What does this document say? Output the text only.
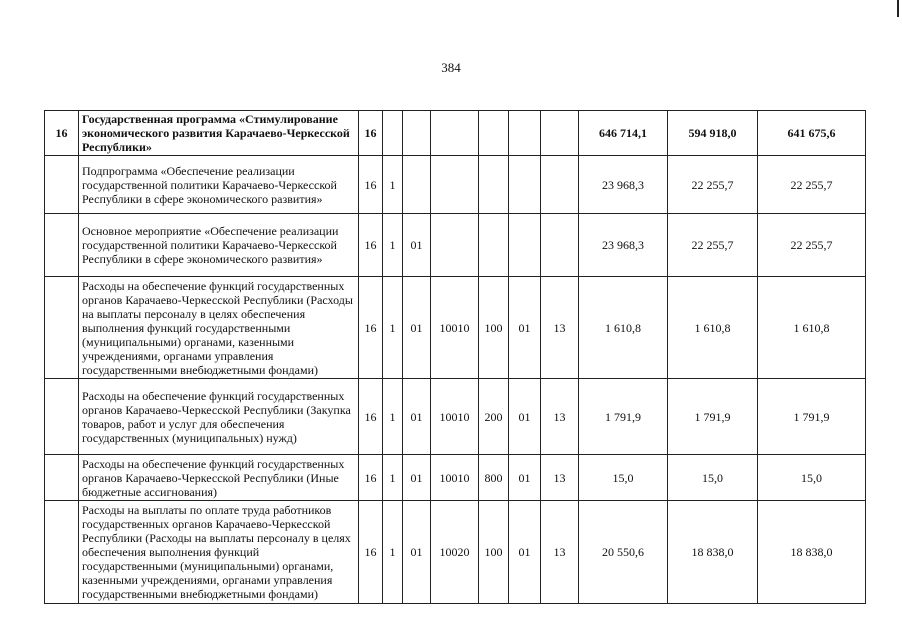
384
16	Государственная программа «Стимулирование экономического развития Карачаево-Черкесской Республики»	16							646 714,1	594 918,0	641 675,6
	Подпрограмма «Обеспечение реализации государственной политики Карачаево-Черкесской Республики в сфере экономического развития»	16	1						23 968,3	22 255,7	22 255,7
	Основное мероприятие «Обеспечение реализации государственной политики Карачаево-Черкесской Республики в сфере экономического развития»	16	1	01					23 968,3	22 255,7	22 255,7
	Расходы на обеспечение функций государственных органов Карачаево-Черкесской Республики (Расходы на выплаты персоналу в целях обеспечения выполнения функций государственными (муниципальными) органами, казенными учреждениями, органами управления государственными внебюджетными фондами)	16	1	01	10010	100	01	13	1 610,8	1 610,8	1 610,8
	Расходы на обеспечение функций государственных органов Карачаево-Черкесской Республики (Закупка товаров, работ и услуг для обеспечения государственных (муниципальных) нужд)	16	1	01	10010	200	01	13	1 791,9	1 791,9	1 791,9
	Расходы на обеспечение функций государственных органов Карачаево-Черкесской Республики (Иные бюджетные ассигнования)	16	1	01	10010	800	01	13	15,0	15,0	15,0
	Расходы на выплаты по оплате труда работников государственных органов Карачаево-Черкесской Республики (Расходы на выплаты персоналу в целях обеспечения выполнения функций государственными (муниципальными) органами, казенными учреждениями, органами управления государственными внебюджетными фондами)	16	1	01	10020	100	01	13	20 550,6	18 838,0	18 838,0
